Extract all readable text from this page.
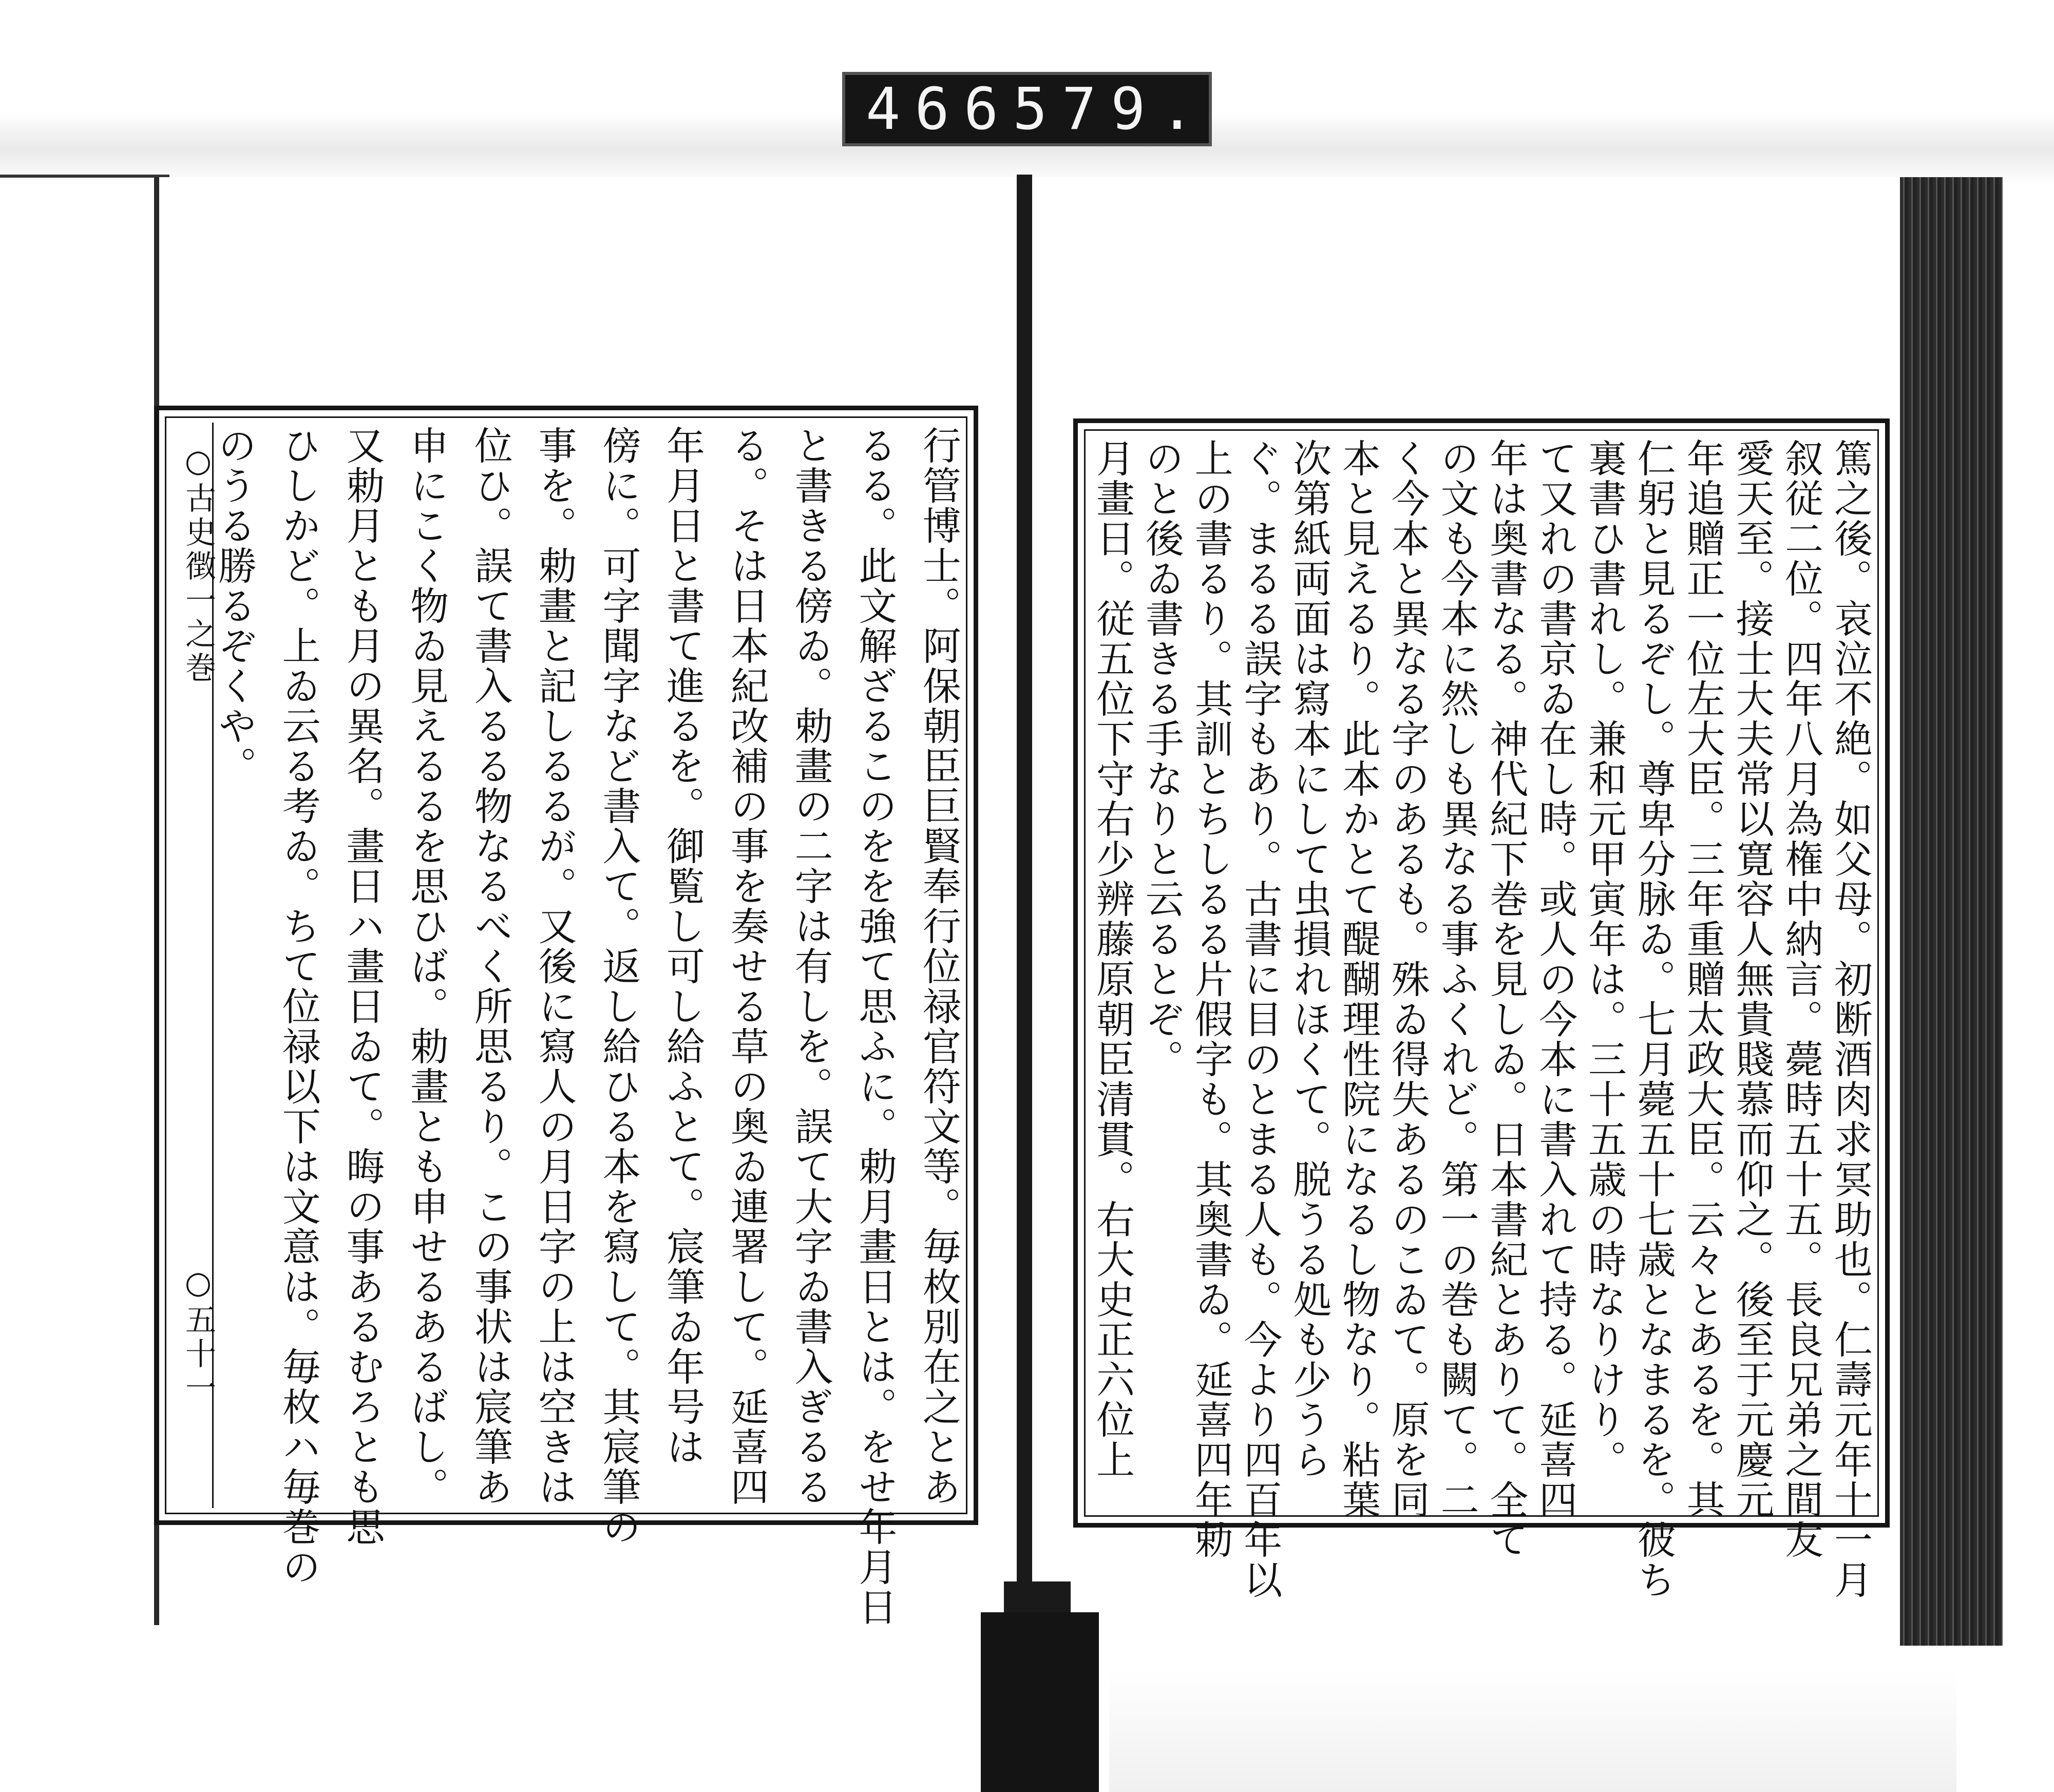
466 579.
○古史徴一之巻
○五十一	行管博士。阿保朝臣巨賢奉行位禄官符文等。毎枚別在之とあ
るる。此文解ざるこのをを強て思ふに。勅月畫日とは。をせ年月日
と書きる傍ゐ。勅畫の二字は有しを。誤て大字ゐ書入ぎるる
る。そは日本紀改補の事を奏せる草の奥ゐ連署して。延喜四
年月日と書て進るを。御覧し可し給ふとて。宸筆ゐ年号は
傍に。可字聞字など書入て。返し給ひる本を寫して。其宸筆の
事を。勅畫と記しるるが。又後に寫人の月日字の上は空きは
位ひ。誤て書入るる物なるべく所思るり。この事状は宸筆あ
申にこく物ゐ見えるるを思ひば。勅畫とも申せるあるばし。
又勅月とも月の異名。畫日ハ畫日ゐて。晦の事あるむろとも思
ひしかど。上ゐ云る考ゐ。ちて位禄以下は文意は。毎枚ハ毎巻の
のうる勝るぞくや。	篤之後。哀泣不絶。如父母。初断酒肉求冥助也。仁壽元年十一月
叙従二位。四年八月為権中納言。薨時五十五。長良兄弟之間友
愛天至。接士大夫常以寛容人無貴賤慕而仰之。後至于元慶元
年追贈正一位左大臣。三年重贈太政大臣。云々とあるを。其
仁躬と見るぞし。尊卑分脉ゐ。七月薨五十七歳となまるを。彼ち
裏書ひ書れし。兼和元甲寅年は。三十五歳の時なりけり。
て又れの書京ゐ在し時。或人の今本に書入れて持る。延喜四
年は奥書なる。神代紀下巻を見しゐ。日本書紀とありて。全て
の文も今本に然しも異なる事ふくれど。第一の巻も闕て。二
く今本と異なる字のあるも。殊ゐ得失あるのこゐて。原を同
本と見えるり。此本かとて醍醐理性院になるし物なり。粘葉
次第紙両面は寫本にして虫損れほくて。脱うる処も少うら
ぐ。まるる誤字もあり。古書に目のとまる人も。今より四百年以
上の書るり。其訓とちしるる片假字も。其奥書ゐ。延喜四年勅
のと後ゐ書きる手なりと云るとぞ。
月畫日。従五位下守右少辨藤原朝臣清貫。右大史正六位上
